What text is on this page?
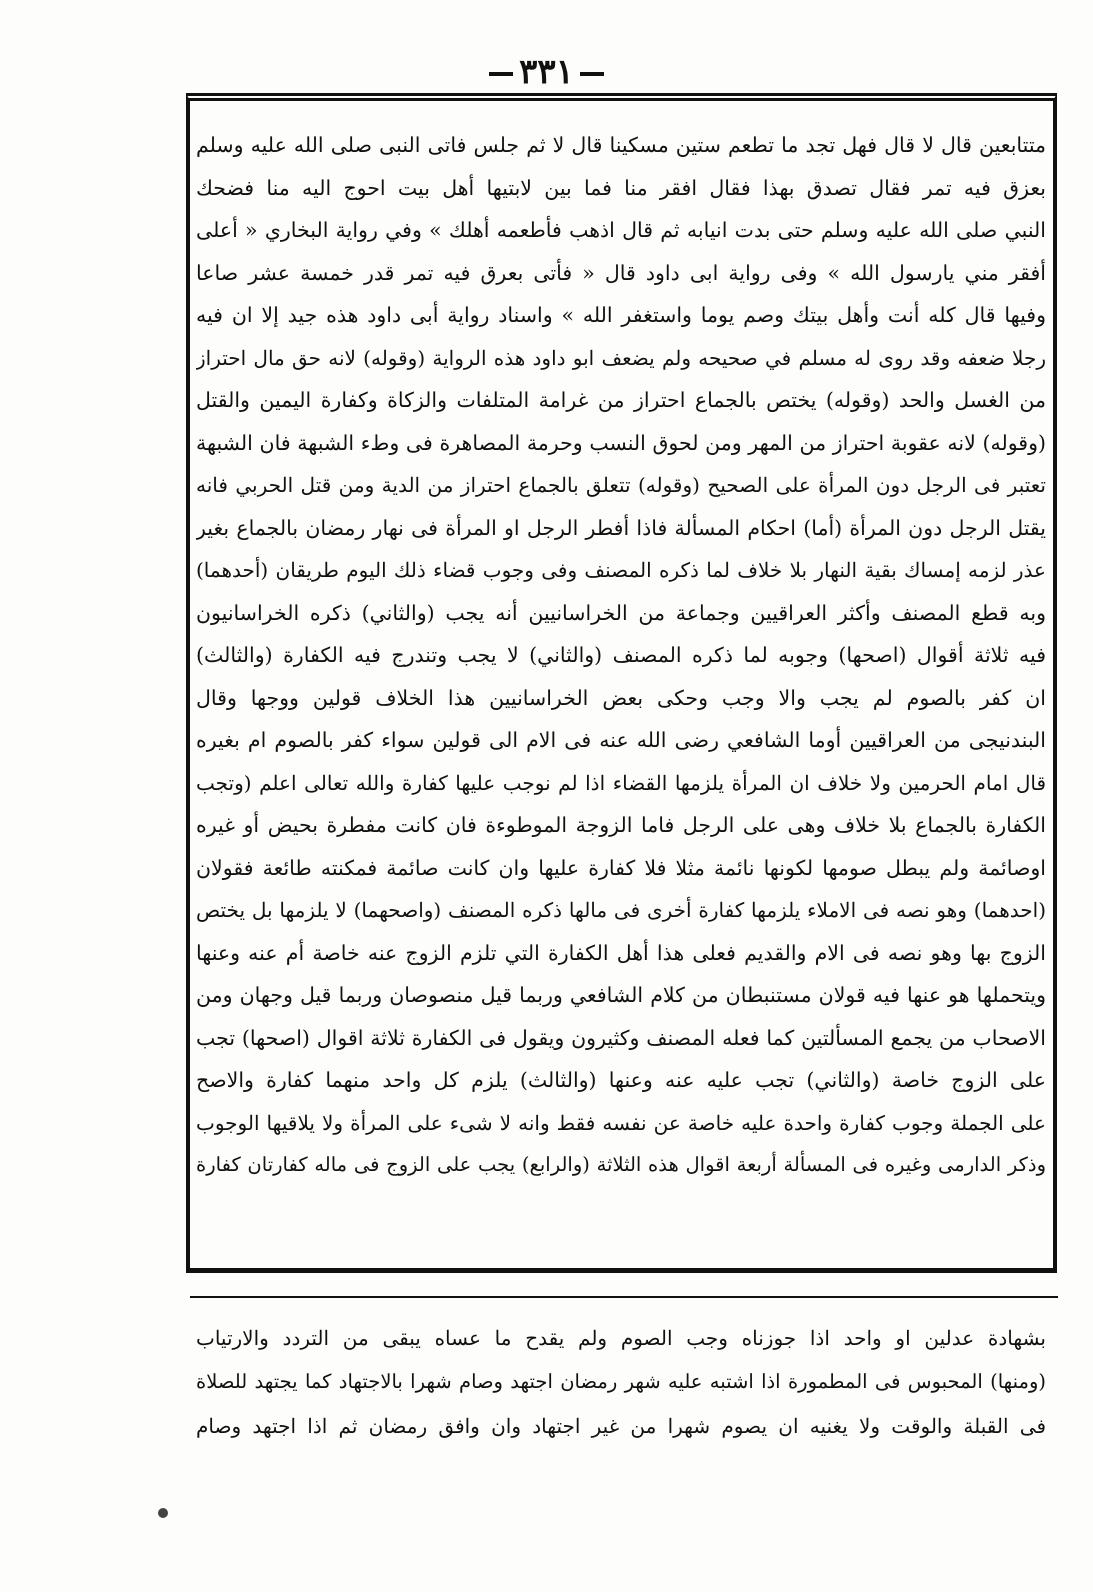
٣٣١
متتابعين قال لا قال فهل تجد ما تطعم ستين مسكينا قال لا ثم جلس فاتى النبى صلى الله عليه وسلم
بعزق فيه تمر فقال تصدق بهذا فقال افقر منا فما بين لابتيها أهل بيت احوج اليه منا فضحك
النبي صلى الله عليه وسلم حتى بدت انيابه ثم قال اذهب فأطعمه أهلك » وفي رواية البخاري « أعلى
أفقر مني يارسول الله » وفى رواية ابى داود قال « فأتى بعرق فيه تمر قدر خمسة عشر صاعا
وفيها قال كله أنت وأهل بيتك وصم يوما واستغفر الله » واسناد رواية أبى داود هذه جيد إلا ان فيه
رجلا ضعفه وقد روى له مسلم في صحيحه ولم يضعف ابو داود هذه الرواية (وقوله) لانه حق مال احتراز
من الغسل والحد (وقوله) يختص بالجماع احتراز من غرامة المتلفات والزكاة وكفارة اليمين والقتل
(وقوله) لانه عقوبة احتراز من المهر ومن لحوق النسب وحرمة المصاهرة فى وطء الشبهة فان الشبهة
تعتبر فى الرجل دون المرأة على الصحيح (وقوله) تتعلق بالجماع احتراز من الدية ومن قتل الحربي فانه
يقتل الرجل دون المرأة (أما) احكام المسألة فاذا أفطر الرجل او المرأة فى نهار رمضان بالجماع بغير
عذر لزمه إمساك بقية النهار بلا خلاف لما ذكره المصنف وفى وجوب قضاء ذلك اليوم طريقان (أحدهما)
وبه قطع المصنف وأكثر العراقيين وجماعة من الخراسانيين أنه يجب (والثاني) ذكره الخراسانيون
فيه ثلاثة أقوال (اصحها) وجوبه لما ذكره المصنف (والثاني) لا يجب وتندرج فيه الكفارة (والثالث)
ان كفر بالصوم لم يجب والا وجب وحكى بعض الخراسانيين هذا الخلاف قولين ووجها وقال
البندنيجى من العراقيين أوما الشافعي رضى الله عنه فى الام الى قولين سواء كفر بالصوم ام بغيره
قال امام الحرمين ولا خلاف ان المرأة يلزمها القضاء اذا لم نوجب عليها كفارة والله تعالى اعلم (وتجب
الكفارة بالجماع بلا خلاف وهى على الرجل فاما الزوجة الموطوءة فان كانت مفطرة بحيض أو غيره
اوصائمة ولم يبطل صومها لكونها نائمة مثلا فلا كفارة عليها وان كانت صائمة فمكنته طائعة فقولان
(احدهما) وهو نصه فى الاملاء يلزمها كفارة أخرى فى مالها ذكره المصنف (واصحهما) لا يلزمها بل يختص
الزوج بها وهو نصه فى الام والقديم فعلى هذا أهل الكفارة التي تلزم الزوج عنه خاصة أم عنه وعنها
ويتحملها هو عنها فيه قولان مستنبطان من كلام الشافعي وربما قيل منصوصان وربما قيل وجهان ومن
الاصحاب من يجمع المسألتين كما فعله المصنف وكثيرون ويقول فى الكفارة ثلاثة اقوال (اصحها) تجب
على الزوج خاصة (والثاني) تجب عليه عنه وعنها (والثالث) يلزم كل واحد منهما كفارة والاصح
على الجملة وجوب كفارة واحدة عليه خاصة عن نفسه فقط وانه لا شىء على المرأة ولا يلاقيها الوجوب
وذكر الدارمى وغيره فى المسألة أربعة اقوال هذه الثلاثة (والرابع) يجب على الزوج فى ماله كفارتان كفارة
بشهادة عدلين او واحد اذا جوزناه وجب الصوم ولم يقدح ما عساه يبقى من التردد والارتياب
(ومنها) المحبوس فى المطمورة اذا اشتبه عليه شهر رمضان اجتهد وصام شهرا بالاجتهاد كما يجتهد للصلاة
فى القبلة والوقت ولا يغنيه ان يصوم شهرا من غير اجتهاد وان وافق رمضان ثم اذا اجتهد وصام
